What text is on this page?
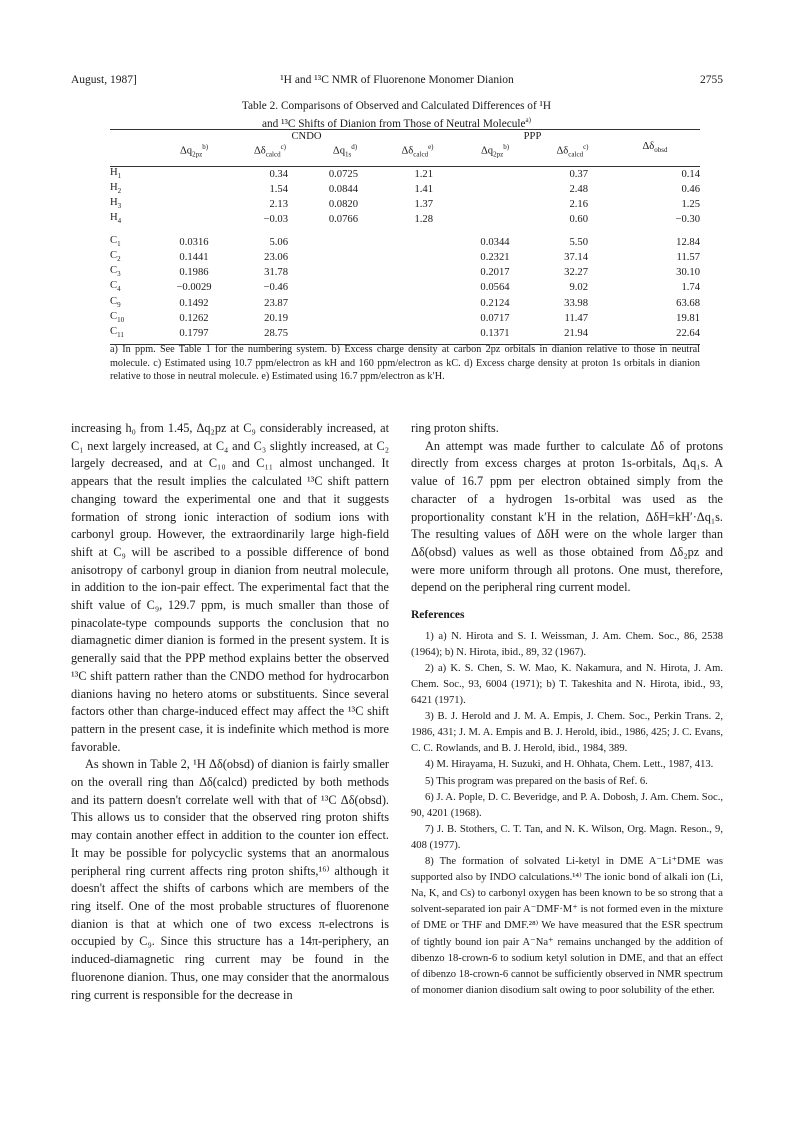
August, 1987]	¹H and ¹³C NMR of Fluorenone Monomer Dianion	2755
Table 2. Comparisons of Observed and Calculated Differences of ¹H
and ¹³C Shifts of Dianion from Those of Neutral Molecule$^{a)}$
	CNDO				PPP		$\Delta\delta_{obsd}$
	$\Delta q_{2pz}^{b)}$	$\Delta\delta_{calcd}^{c)}$	$\Delta q_{1s}^{d)}$	$\Delta\delta_{calcd}^{e)}$	$\Delta q_{2pz}^{b)}$	$\Delta\delta_{calcd}^{c)}$
$H_1$		0.34	0.0725	1.21		0.37	0.14
$H_2$		1.54	0.0844	1.41		2.48	0.46
$H_3$		2.13	0.0820	1.37		2.16	1.25
$H_4$		−0.03	0.0766	1.28		0.60	−0.30

$C_1$	0.0316	5.06			0.0344	5.50	12.84
$C_2$	0.1441	23.06			0.2321	37.14	11.57
$C_3$	0.1986	31.78			0.2017	32.27	30.10
$C_4$	−0.0029	−0.46			0.0564	9.02	1.74
$C_9$	0.1492	23.87			0.2124	33.98	63.68
$C_{10}$	0.1262	20.19			0.0717	11.47	19.81
$C_{11}$	0.1797	28.75			0.1371	21.94	22.64
a) In ppm. See Table 1 for the numbering system. b) Excess charge density at carbon 2pz orbitals in dianion relative to those in neutral molecule. c) Estimated using 10.7 ppm/electron as kH and 160 ppm/electron as kC. d) Excess charge density at proton 1s orbitals in dianion relative to those in neutral molecule. e) Estimated using 16.7 ppm/electron as k′H.

increasing h₀ from 1.45, Δq₂pz at C₉ considerably increased, at C₁ next largely increased, at C₄ and C₃ slightly increased, at C₂ largely decreased, and at C₁₀ and C₁₁ almost unchanged. It appears that the result implies the calculated ¹³C shift pattern changing toward the experimental one and that it suggests formation of strong ionic interaction of sodium ions with carbonyl group. However, the extraordinarily large high-field shift at C₉ will be ascribed to a possible difference of bond anisotropy of carbonyl group in dianion from neutral molecule, in addition to the ion-pair effect. The experimental fact that the shift value of C₉, 129.7 ppm, is much smaller than those of pinacolate-type compounds supports the conclusion that no diamagnetic dimer dianion is formed in the present system. It is generally said that the PPP method explains better the observed ¹³C shift pattern rather than the CNDO method for hydrocarbon dianions having no hetero atoms or substituents. Since several factors other than charge-induced effect may affect the ¹³C shift pattern in the present case, it is indefinite which method is more favorable.

As shown in Table 2, ¹H Δδ(obsd) of dianion is fairly smaller on the overall ring than Δδ(calcd) predicted by both methods and its pattern doesn't correlate well with that of ¹³C Δδ(obsd). This allows us to consider that the observed ring proton shifts may contain another effect in addition to the counter ion effect. It may be possible for polycyclic systems that an anormalous peripheral ring current affects ring proton shifts,¹⁶⁾ although it doesn't affect the shifts of carbons which are members of the ring itself. One of the most probable structures of fluorenone dianion is that at which one of two excess π-electrons is occupied by C₉. Since this structure has a 14π-periphery, an induced-diamagnetic ring current may be found in the fluorenone dianion. Thus, one may consider that the anormalous ring current is responsible for the decrease in

ring proton shifts.

An attempt was made further to calculate Δδ of protons directly from excess charges at proton 1s-orbitals, Δq₁s. A value of 16.7 ppm per electron obtained simply from the character of a hydrogen 1s-orbital was used as the proportionality constant k′H in the relation, ΔδH=kH′·Δq₁s. The resulting values of ΔδH were on the whole larger than Δδ(obsd) values as well as those obtained from Δδ₂pz and were more uniform through all protons. One must, therefore, depend on the peripheral ring current model.

References

1) a) N. Hirota and S. I. Weissman, J. Am. Chem. Soc., 86, 2538 (1964); b) N. Hirota, ibid., 89, 32 (1967).
2) a) K. S. Chen, S. W. Mao, K. Nakamura, and N. Hirota, J. Am. Chem. Soc., 93, 6004 (1971); b) T. Takeshita and N. Hirota, ibid., 93, 6421 (1971).
3) B. J. Herold and J. M. A. Empis, J. Chem. Soc., Perkin Trans. 2, 1986, 431; J. M. A. Empis and B. J. Herold, ibid., 1986, 425; J. C. Evans, C. C. Rowlands, and B. J. Herold, ibid., 1984, 389.
4) M. Hirayama, H. Suzuki, and H. Ohhata, Chem. Lett., 1987, 413.
5) This program was prepared on the basis of Ref. 6.
6) J. A. Pople, D. C. Beveridge, and P. A. Dobosh, J. Am. Chem. Soc., 90, 4201 (1968).
7) J. B. Stothers, C. T. Tan, and N. K. Wilson, Org. Magn. Reson., 9, 408 (1977).
8) The formation of solvated Li-ketyl in DME A⁻Li⁺DME was supported also by INDO calculations.¹⁴⁾ The ionic bond of alkali ion (Li, Na, K, and Cs) to carbonyl oxygen has been known to be so strong that a solvent-separated ion pair A⁻DMF·M⁺ is not formed even in the mixture of DME or THF and DMF.²⁸⁾ We have measured that the ESR spectrum of tightly bound ion pair A⁻Na⁺ remains unchanged by the addition of dibenzo 18-crown-6 to sodium ketyl solution in DME, and that an effect of dibenzo 18-crown-6 cannot be sufficiently observed in NMR spectrum of monomer dianion disodium salt owing to poor solubility of the ether.
